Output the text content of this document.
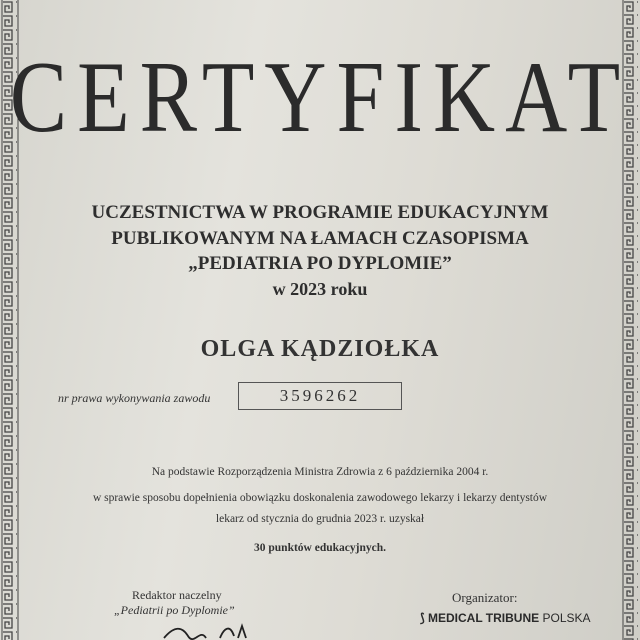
CERTYFIKAT
UCZESTNICTWA W PROGRAMIE EDUKACYJNYM
PUBLIKOWANYM NA ŁAMACH CZASOPISMA
„PEDIATRIA PO DYPLOMIE”
w 2023 roku
OLGA KĄDZIOŁKA
nr prawa wykonywania zawodu	3596262
Na podstawie Rozporządzenia Ministra Zdrowia z 6 października 2004 r.
w sprawie sposobu dopełnienia obowiązku doskonalenia zawodowego lekarzy i lekarzy dentystów
lekarz od stycznia do grudnia 2023 r. uzyskał
30 punktów edukacyjnych.
Redaktor naczelny
„Pediatrii po Dyplomie”
Organizator:
⟆ MEDICAL TRIBUNE POLSKA
